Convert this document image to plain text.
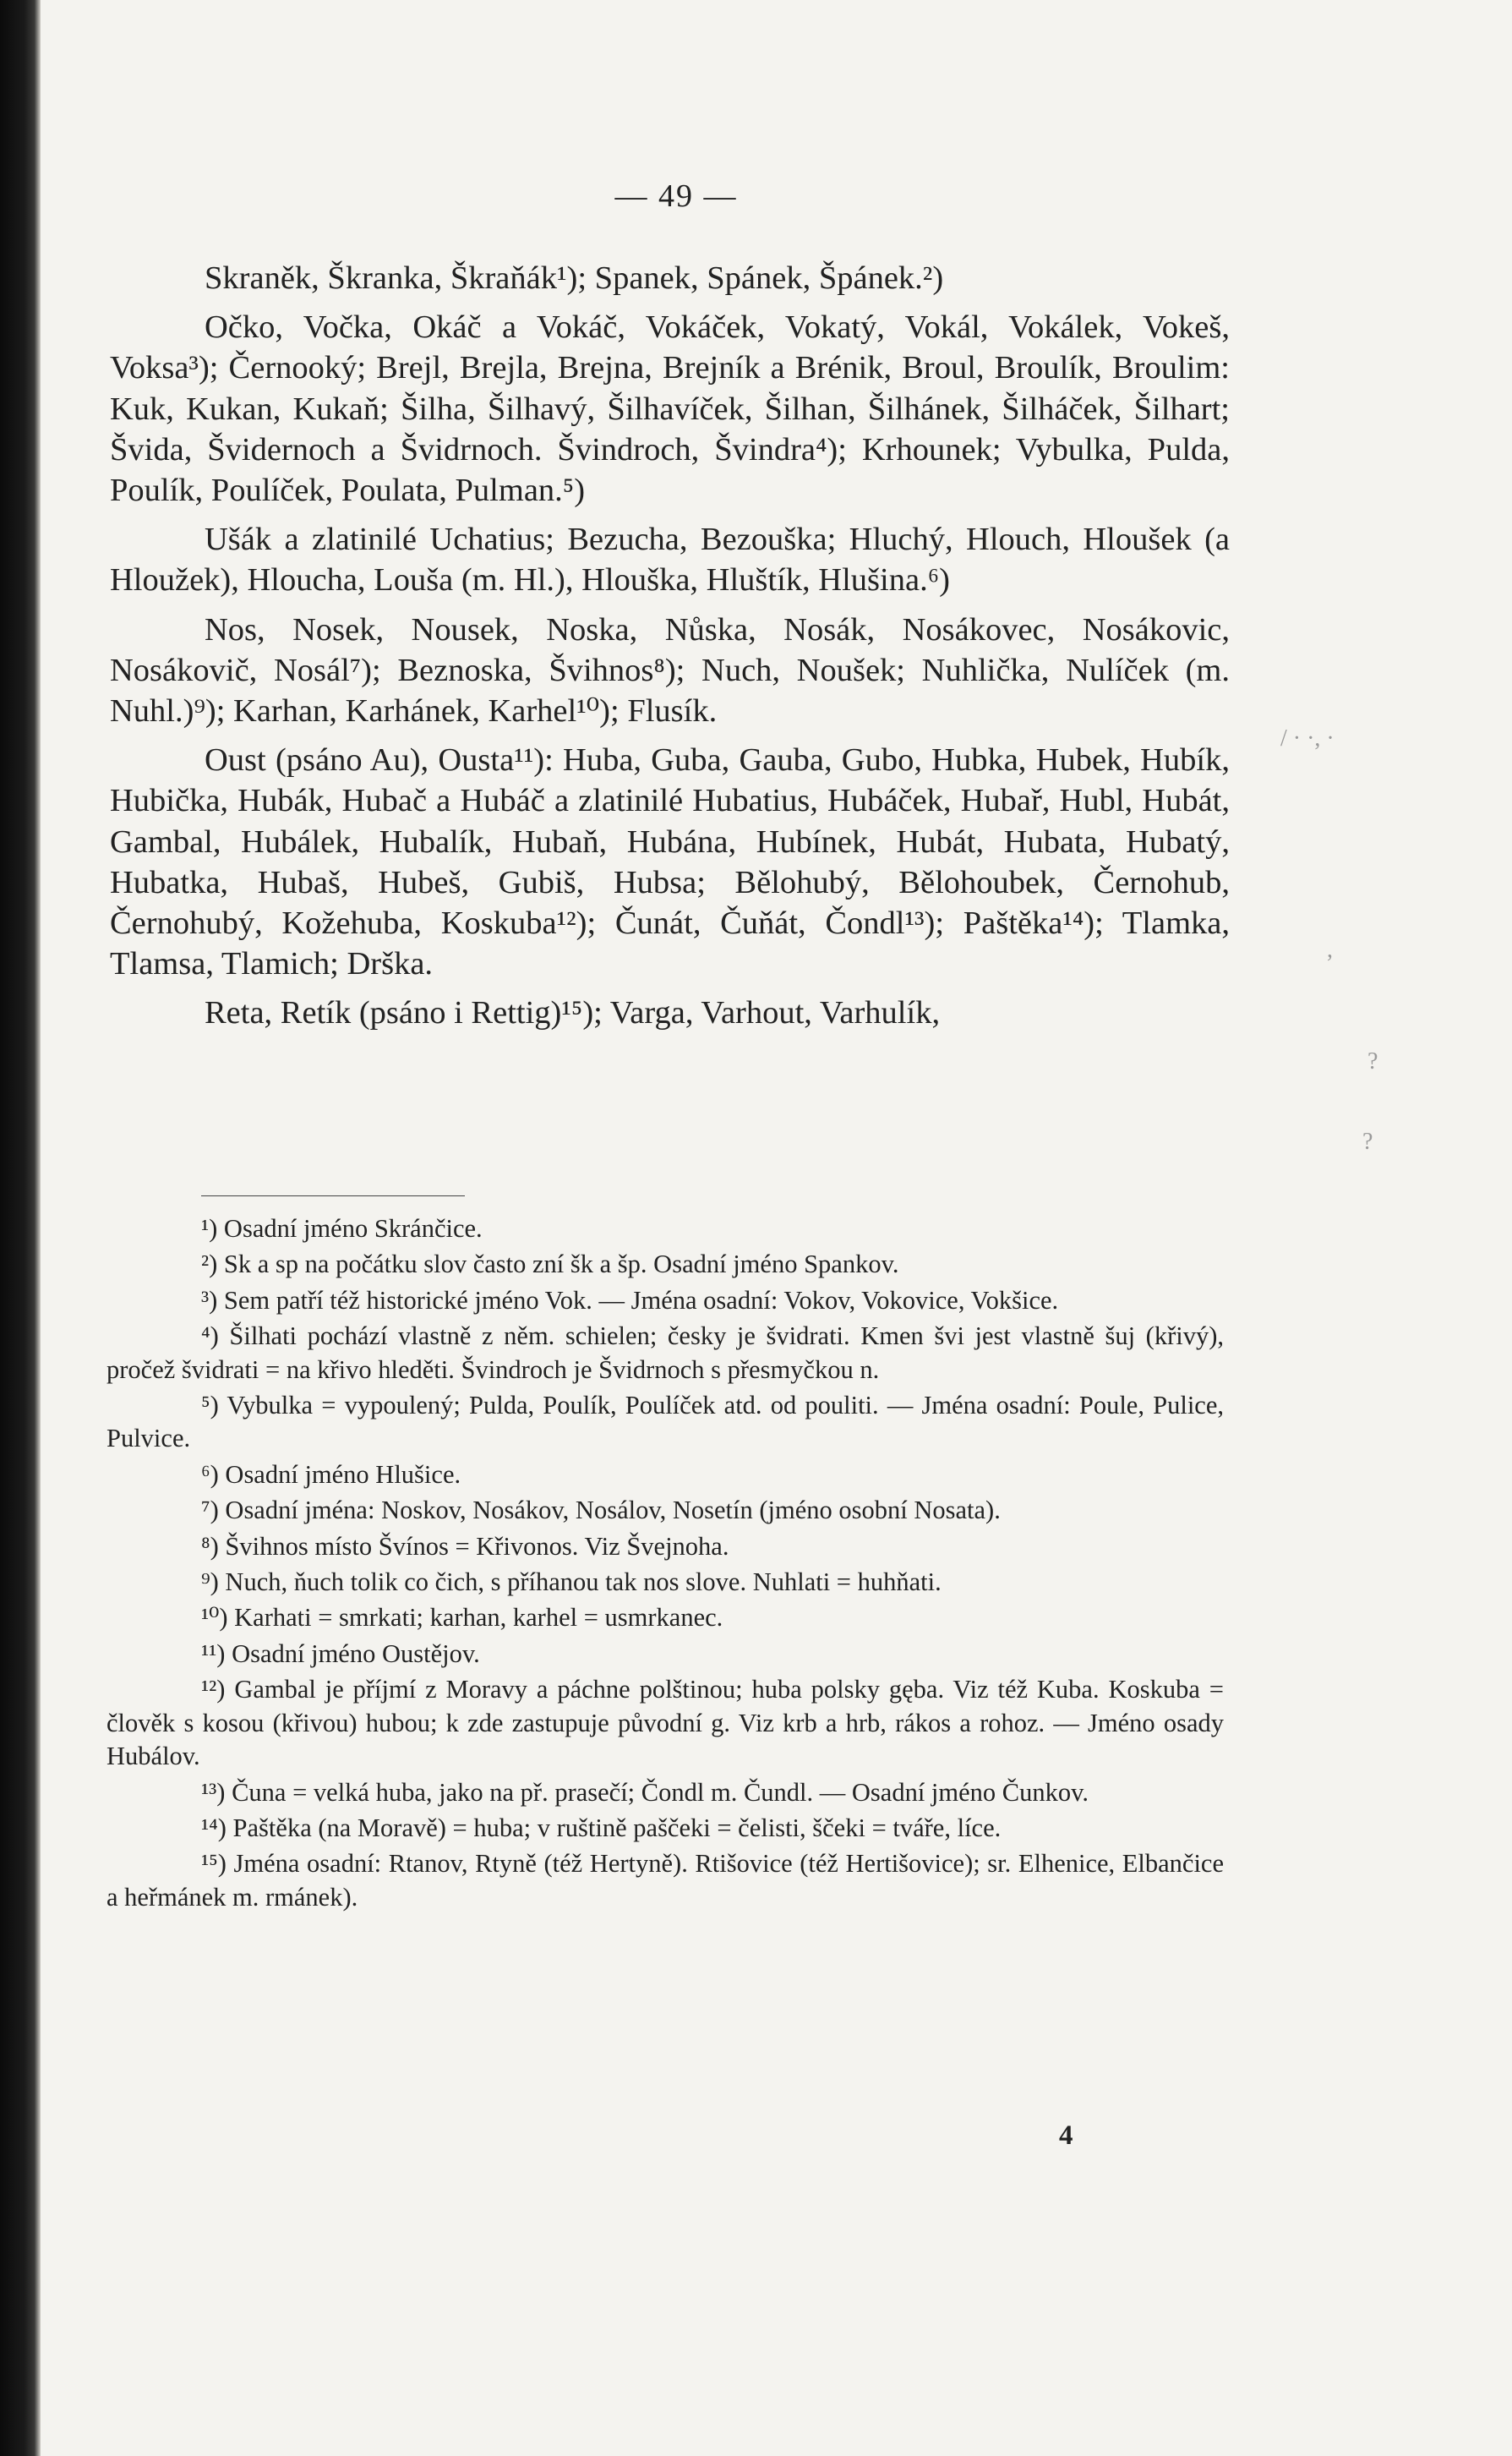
— 49 —

Skraněk, Škranka, Škraňák¹); Spanek, Spánek, Špánek.²)

Očko, Vočka, Okáč a Vokáč, Vokáček, Vokatý, Vokál, Vokálek, Vokeš, Voksa³); Černooký; Brejl, Brejla, Brejna, Brejník a Brénik, Broul, Broulík, Broulim: Kuk, Kukan, Kukaň; Šilha, Šilhavý, Šilhavíček, Šilhan, Šilhánek, Šilháček, Šilhart; Švida, Švidernoch a Švidrnoch. Švindroch, Švindra⁴); Krhounek; Vybulka, Pulda, Poulík, Poulíček, Poulata, Pulman.⁵)

Ušák a zlatinilé Uchatius; Bezucha, Bezouška; Hluchý, Hlouch, Hloušek (a Hloužek), Hloucha, Louša (m. Hl.), Hlouška, Hluštík, Hlušina.⁶)

Nos, Nosek, Nousek, Noska, Nůska, Nosák, Nosákovec, Nosákovic, Nosákovič, Nosál⁷); Beznoska, Švihnos⁸); Nuch, Noušek; Nuhlička, Nulíček (m. Nuhl.)⁹); Karhan, Karhánek, Karhel¹⁰); Flusík.

Oust (psáno Au), Ousta¹¹): Huba, Guba, Gauba, Gubo, Hubka, Hubek, Hubík, Hubička, Hubák, Hubač a Hubáč a zlatinilé Hubatius, Hubáček, Hubař, Hubl, Hubát, Gambal, Hubálek, Hubalík, Hubaň, Hubána, Hubínek, Hubát, Hubata, Hubatý, Hubatka, Hubaš, Hubeš, Gubiš, Hubsa; Bělohubý, Bělohoubek, Černohub, Černohubý, Kožehuba, Koskuba¹²); Čunát, Čuňát, Čondl¹³); Paštěka¹⁴); Tlamka, Tlamsa, Tlamich; Drška.

Reta, Retík (psáno i Rettig)¹⁵); Varga, Varhout, Varhulík,

¹) Osadní jméno Skránčice.

²) Sk a sp na počátku slov často zní šk a šp. Osadní jméno Spankov.

³) Sem patří též historické jméno Vok. — Jména osadní: Vokov, Vokovice, Vokšice.

⁴) Šilhati pochází vlastně z něm. schielen; česky je švidrati. Kmen švi jest vlastně šuj (křivý), pročež švidrati = na křivo hleděti. Švindroch je Švidrnoch s přesmyčkou n.

⁵) Vybulka = vypoulený; Pulda, Poulík, Poulíček atd. od pouliti. — Jména osadní: Poule, Pulice, Pulvice.

⁶) Osadní jméno Hlušice.

⁷) Osadní jména: Noskov, Nosákov, Nosálov, Nosetín (jméno osobní Nosata).

⁸) Švihnos místo Švínos = Křivonos. Viz Švejnoha.

⁹) Nuch, ňuch tolik co čich, s příhanou tak nos slove. Nuhlati = huhňati.

¹⁰) Karhati = smrkati; karhan, karhel = usmrkanec.

¹¹) Osadní jméno Oustějov.

¹²) Gambal je příjmí z Moravy a páchne polštinou; huba polsky gęba. Viz též Kuba. Koskuba = člověk s kosou (křivou) hubou; k zde zastupuje původní g. Viz krb a hrb, rákos a rohoz. — Jméno osady Hubálov.

¹³) Čuna = velká huba, jako na př. prasečí; Čondl m. Čundl. — Osadní jméno Čunkov.

¹⁴) Paštěka (na Moravě) = huba; v ruštině paščeki = čelisti, ščeki = tváře, líce.

¹⁵) Jména osadní: Rtanov, Rtyně (též Hertyně). Rtišovice (též Hertišovice); sr. Elhenice, Elbančice a heřmánek m. rmánek).

4
/ · ·, ·
,
?
?
